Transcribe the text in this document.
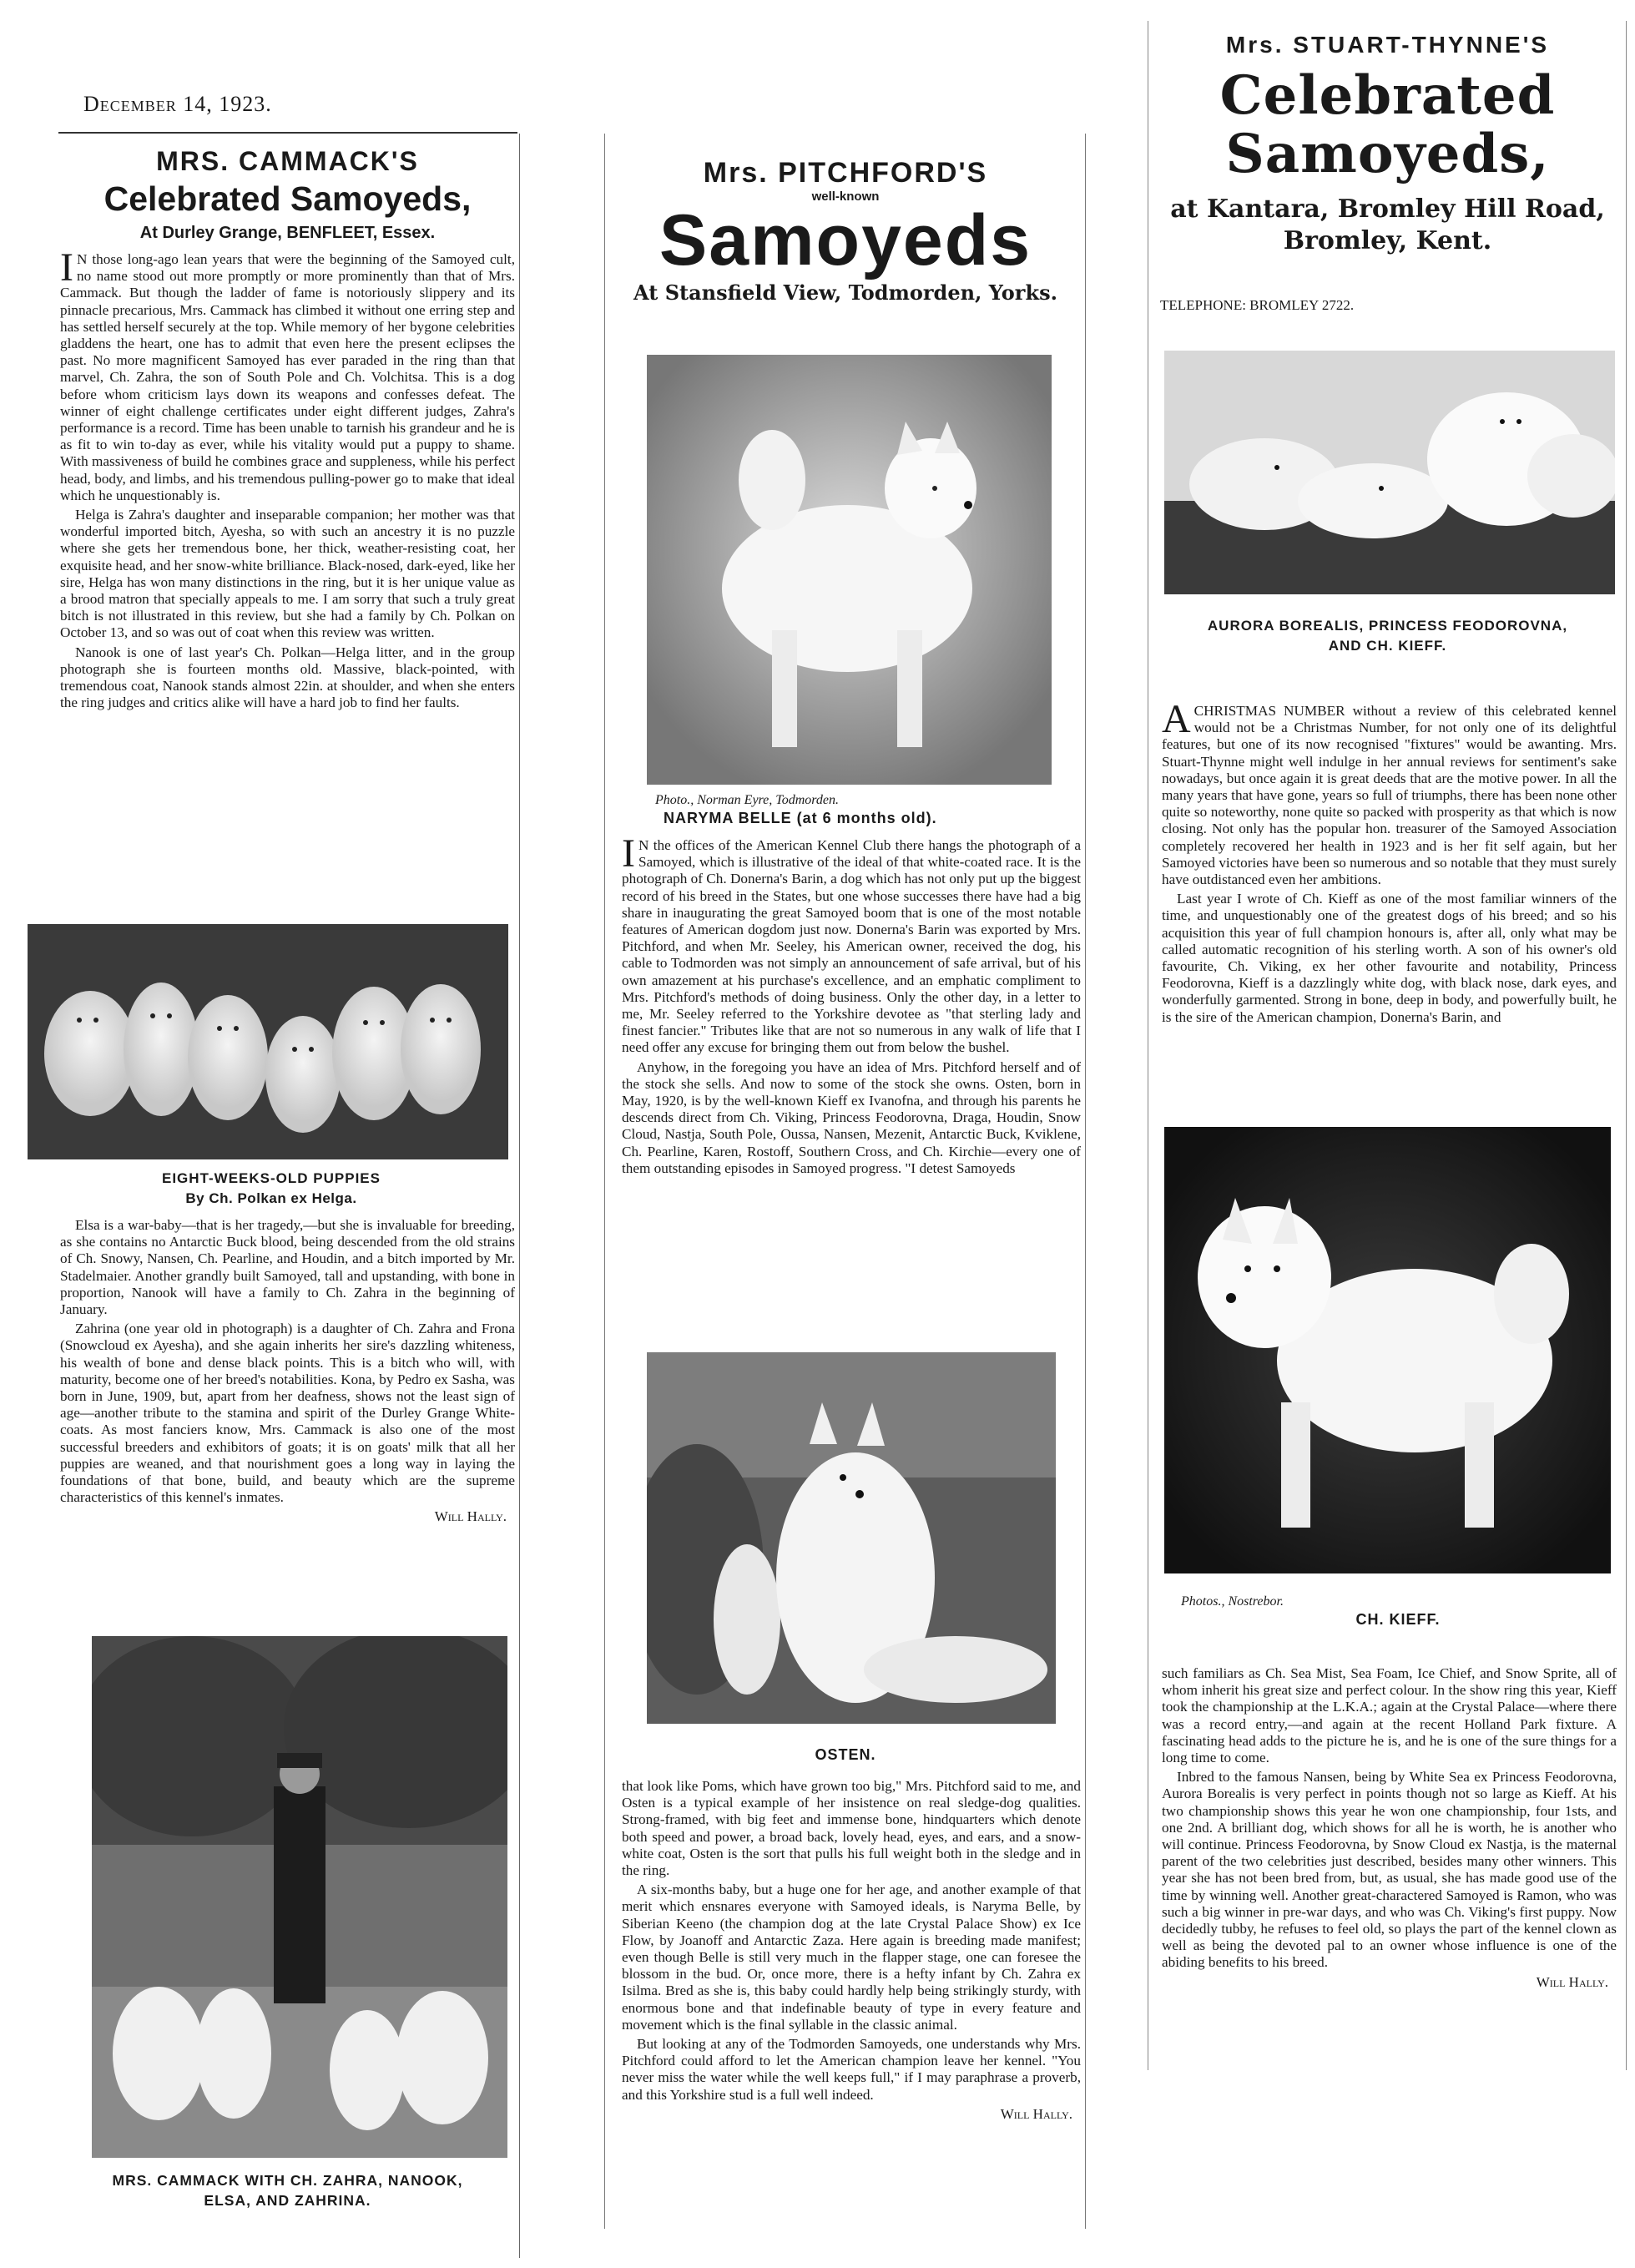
December 14, 1923.
MRS. CAMMACK'S
Celebrated Samoyeds,
At Durley Grange, BENFLEET, Essex.

I N those long-ago lean years that were the beginning of the Samoyed cult, no name stood out more promptly or more prominently than that of Mrs. Cammack. But though the ladder of fame is notoriously slippery and its pinnacle precarious, Mrs. Cammack has climbed it without one erring step and has settled herself securely at the top. While memory of her bygone celebrities gladdens the heart, one has to admit that even here the present eclipses the past. No more magnificent Samoyed has ever paraded in the ring than that marvel, Ch. Zahra, the son of South Pole and Ch. Volchitsa. This is a dog before whom criticism lays down its weapons and confesses defeat. The winner of eight challenge certificates under eight different judges, Zahra's performance is a record. Time has been unable to tarnish his grandeur and he is as fit to win to-day as ever, while his vitality would put a puppy to shame. With massiveness of build he combines grace and suppleness, while his perfect head, body, and limbs, and his tremendous pulling-power go to make that ideal which he unquestionably is.

Helga is Zahra's daughter and inseparable companion; her mother was that wonderful imported bitch, Ayesha, so with such an ancestry it is no puzzle where she gets her tremendous bone, her thick, weather-resisting coat, her exquisite head, and her snow-white brilliance. Black-nosed, dark-eyed, like her sire, Helga has won many distinctions in the ring, but it is her unique value as a brood matron that specially appeals to me. I am sorry that such a truly great bitch is not illustrated in this review, but she had a family by Ch. Polkan on October 13, and so was out of coat when this review was written.

Nanook is one of last year's Ch. Polkan—Helga litter, and in the group photograph she is fourteen months old. Massive, black-pointed, with tremendous coat, Nanook stands almost 22in. at shoulder, and when she enters the ring judges and critics alike will have a hard job to find her faults.

EIGHT-WEEKS-OLD PUPPIES
By Ch. Polkan ex Helga.

Elsa is a war-baby—that is her tragedy,—but she is invaluable for breeding, as she contains no Antarctic Buck blood, being descended from the old strains of Ch. Snowy, Nansen, Ch. Pearline, and Houdin, and a bitch imported by Mr. Stadelmaier. Another grandly built Samoyed, tall and upstanding, with bone in proportion, Nanook will have a family to Ch. Zahra in the beginning of January.

Zahrina (one year old in photograph) is a daughter of Ch. Zahra and Frona (Snowcloud ex Ayesha), and she again inherits her sire's dazzling whiteness, his wealth of bone and dense black points. This is a bitch who will, with maturity, become one of her breed's notabilities. Kona, by Pedro ex Sasha, was born in June, 1909, but, apart from her deafness, shows not the least sign of age—another tribute to the stamina and spirit of the Durley Grange White-coats. As most fanciers know, Mrs. Cammack is also one of the most successful breeders and exhibitors of goats; it is on goats' milk that all her puppies are weaned, and that nourishment goes a long way in laying the foundations of that bone, build, and beauty which are the supreme characteristics of this kennel's inmates.

Will Hally.
MRS. CAMMACK WITH CH. ZAHRA, NANOOK,
ELSA, AND ZAHRINA.
Mrs. PITCHFORD'S
well-known
Samoyeds
At Stansfield View, Todmorden, Yorks.
Photo., Norman Eyre, Todmorden.
NARYMA BELLE (at 6 months old).

I N the offices of the American Kennel Club there hangs the photograph of a Samoyed, which is illustrative of the ideal of that white-coated race. It is the photograph of Ch. Donerna's Barin, a dog which has not only put up the biggest record of his breed in the States, but one whose successes there have had a big share in inaugurating the great Samoyed boom that is one of the most notable features of American dogdom just now. Donerna's Barin was exported by Mrs. Pitchford, and when Mr. Seeley, his American owner, received the dog, his cable to Todmorden was not simply an announcement of safe arrival, but of his own amazement at his purchase's excellence, and an emphatic compliment to Mrs. Pitchford's methods of doing business. Only the other day, in a letter to me, Mr. Seeley referred to the Yorkshire devotee as "that sterling lady and finest fancier." Tributes like that are not so numerous in any walk of life that I need offer any excuse for bringing them out from below the bushel.

Anyhow, in the foregoing you have an idea of Mrs. Pitchford herself and of the stock she sells. And now to some of the stock she owns. Osten, born in May, 1920, is by the well-known Kieff ex Ivanofna, and through his parents he descends direct from Ch. Viking, Princess Feodorovna, Draga, Houdin, Snow Cloud, Nastja, South Pole, Oussa, Nansen, Mezenit, Antarctic Buck, Kviklene, Ch. Pearline, Karen, Rostoff, Southern Cross, and Ch. Kirchie—every one of them outstanding episodes in Samoyed progress. "I detest Samoyeds

OSTEN.

that look like Poms, which have grown too big," Mrs. Pitchford said to me, and Osten is a typical example of her insistence on real sledge-dog qualities. Strong-framed, with big feet and immense bone, hindquarters which denote both speed and power, a broad back, lovely head, eyes, and ears, and a snow-white coat, Osten is the sort that pulls his full weight both in the sledge and in the ring.

A six-months baby, but a huge one for her age, and another example of that merit which ensnares everyone with Samoyed ideals, is Naryma Belle, by Siberian Keeno (the champion dog at the late Crystal Palace Show) ex Ice Flow, by Joanoff and Antarctic Zaza. Here again is breeding made manifest; even though Belle is still very much in the flapper stage, one can foresee the blossom in the bud. Or, once more, there is a hefty infant by Ch. Zahra ex Isilma. Bred as she is, this baby could hardly help being strikingly sturdy, with enormous bone and that indefinable beauty of type in every feature and movement which is the final syllable in the classic animal.

But looking at any of the Todmorden Samoyeds, one understands why Mrs. Pitchford could afford to let the American champion leave her kennel. "You never miss the water while the well keeps full," if I may paraphrase a proverb, and this Yorkshire stud is a full well indeed.

Will Hally.
Mrs. STUART-THYNNE'S
Celebrated
Samoyeds,
at Kantara, Bromley Hill Road,
Bromley, Kent.
TELEPHONE: BROMLEY 2722.
AURORA BOREALIS, PRINCESS FEODOROVNA,
AND CH. KIEFF.

ACHRISTMAS NUMBER without a review of this celebrated kennel would not be a Christmas Number, for not only one of its delightful features, but one of its now recognised "fixtures" would be awanting. Mrs. Stuart-Thynne might well indulge in her annual reviews for sentiment's sake nowadays, but once again it is great deeds that are the motive power. In all the many years that have gone, years so full of triumphs, there has been none other quite so noteworthy, none quite so packed with prosperity as that which is now closing. Not only has the popular hon. treasurer of the Samoyed Association completely recovered her health in 1923 and is her fit self again, but her Samoyed victories have been so numerous and so notable that they must surely have outdistanced even her ambitions.

Last year I wrote of Ch. Kieff as one of the most familiar winners of the time, and unquestionably one of the greatest dogs of his breed; and so his acquisition this year of full champion honours is, after all, only what may be called automatic recognition of his sterling worth. A son of his owner's old favourite, Ch. Viking, ex her other favourite and notability, Princess Feodorovna, Kieff is a dazzlingly white dog, with black nose, dark eyes, and wonderfully garmented. Strong in bone, deep in body, and powerfully built, he is the sire of the American champion, Donerna's Barin, and

Photos., Nostrebor.
CH. KIEFF.

such familiars as Ch. Sea Mist, Sea Foam, Ice Chief, and Snow Sprite, all of whom inherit his great size and perfect colour. In the show ring this year, Kieff took the championship at the L.K.A.; again at the Crystal Palace—where there was a record entry,—and again at the recent Holland Park fixture. A fascinating head adds to the picture he is, and he is one of the sure things for a long time to come.

Inbred to the famous Nansen, being by White Sea ex Princess Feodorovna, Aurora Borealis is very perfect in points though not so large as Kieff. At his two championship shows this year he won one championship, four 1sts, and one 2nd. A brilliant dog, which shows for all he is worth, he is another who will continue. Princess Feodorovna, by Snow Cloud ex Nastja, is the maternal parent of the two celebrities just described, besides many other winners. This year she has not been bred from, but, as usual, she has made good use of the time by winning well. Another great-charactered Samoyed is Ramon, who was such a big winner in pre-war days, and who was Ch. Viking's first puppy. Now decidedly tubby, he refuses to feel old, so plays the part of the kennel clown as well as being the devoted pal to an owner whose influence is one of the abiding benefits to his breed.

Will Hally.
